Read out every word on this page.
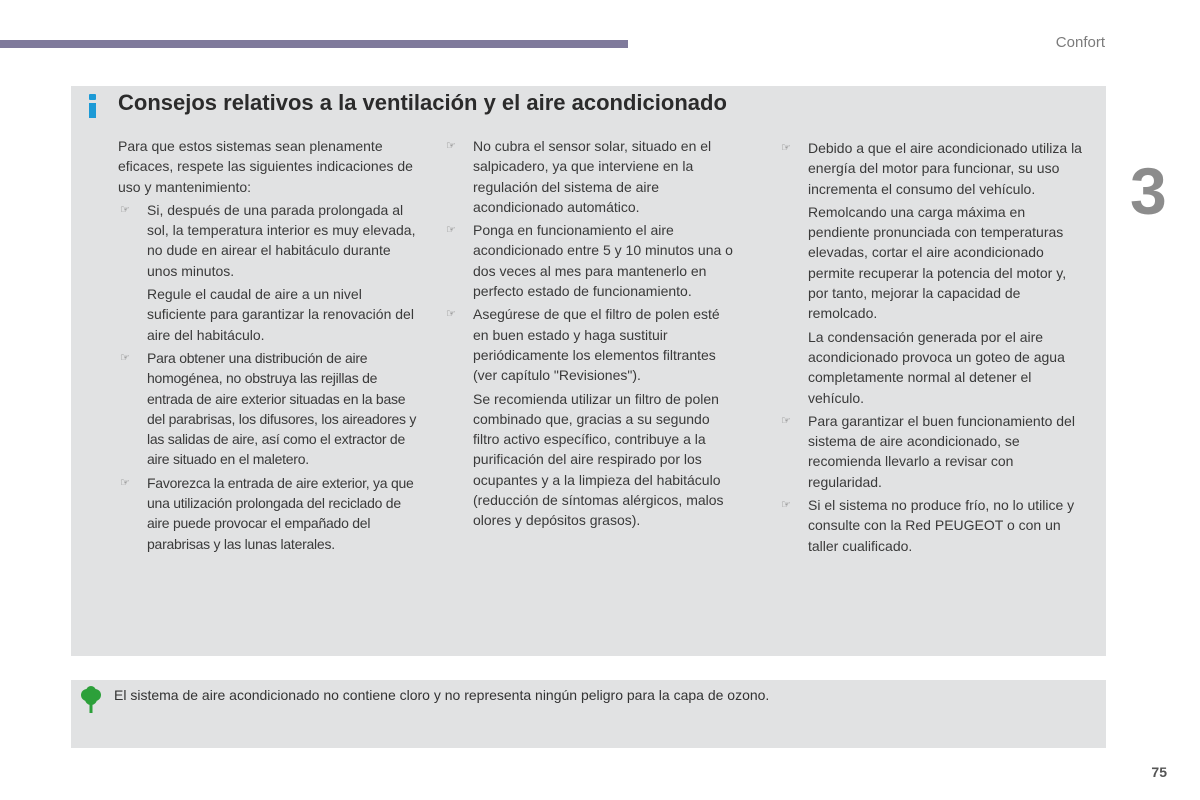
Confort
3
Consejos relativos a la ventilación y el aire acondicionado

Para que estos sistemas sean plenamente eficaces, respete las siguientes indicaciones de uso y mantenimiento:

☞ Si, después de una parada prolongada al sol, la temperatura interior es muy elevada, no dude en airear el habitáculo durante unos minutos.
Regule el caudal de aire a un nivel suficiente para garantizar la renovación del aire del habitáculo.
☞ Para obtener una distribución de aire homogénea, no obstruya las rejillas de entrada de aire exterior situadas en la base del parabrisas, los difusores, los aireadores y las salidas de aire, así como el extractor de aire situado en el maletero.
☞ Favorezca la entrada de aire exterior, ya que una utilización prolongada del reciclado de aire puede provocar el empañado del parabrisas y las lunas laterales.
☞ No cubra el sensor solar, situado en el salpicadero, ya que interviene en la regulación del sistema de aire acondicionado automático.
☞ Ponga en funcionamiento el aire acondicionado entre 5 y 10 minutos una o dos veces al mes para mantenerlo en perfecto estado de funcionamiento.
☞ Asegúrese de que el filtro de polen esté en buen estado y haga sustituir periódicamente los elementos filtrantes (ver capítulo "Revisiones").
Se recomienda utilizar un filtro de polen combinado que, gracias a su segundo filtro activo específico, contribuye a la purificación del aire respirado por los ocupantes y a la limpieza del habitáculo (reducción de síntomas alérgicos, malos olores y depósitos grasos).
☞ Debido a que el aire acondicionado utiliza la energía del motor para funcionar, su uso incrementa el consumo del vehículo.
Remolcando una carga máxima en pendiente pronunciada con temperaturas elevadas, cortar el aire acondicionado permite recuperar la potencia del motor y, por tanto, mejorar la capacidad de remolcado.
La condensación generada por el aire acondicionado provoca un goteo de agua completamente normal al detener el vehículo.
☞ Para garantizar el buen funcionamiento del sistema de aire acondicionado, se recomienda llevarlo a revisar con regularidad.
☞ Si el sistema no produce frío, no lo utilice y consulte con la Red PEUGEOT o con un taller cualificado.

El sistema de aire acondicionado no contiene cloro y no representa ningún peligro para la capa de ozono.

75
